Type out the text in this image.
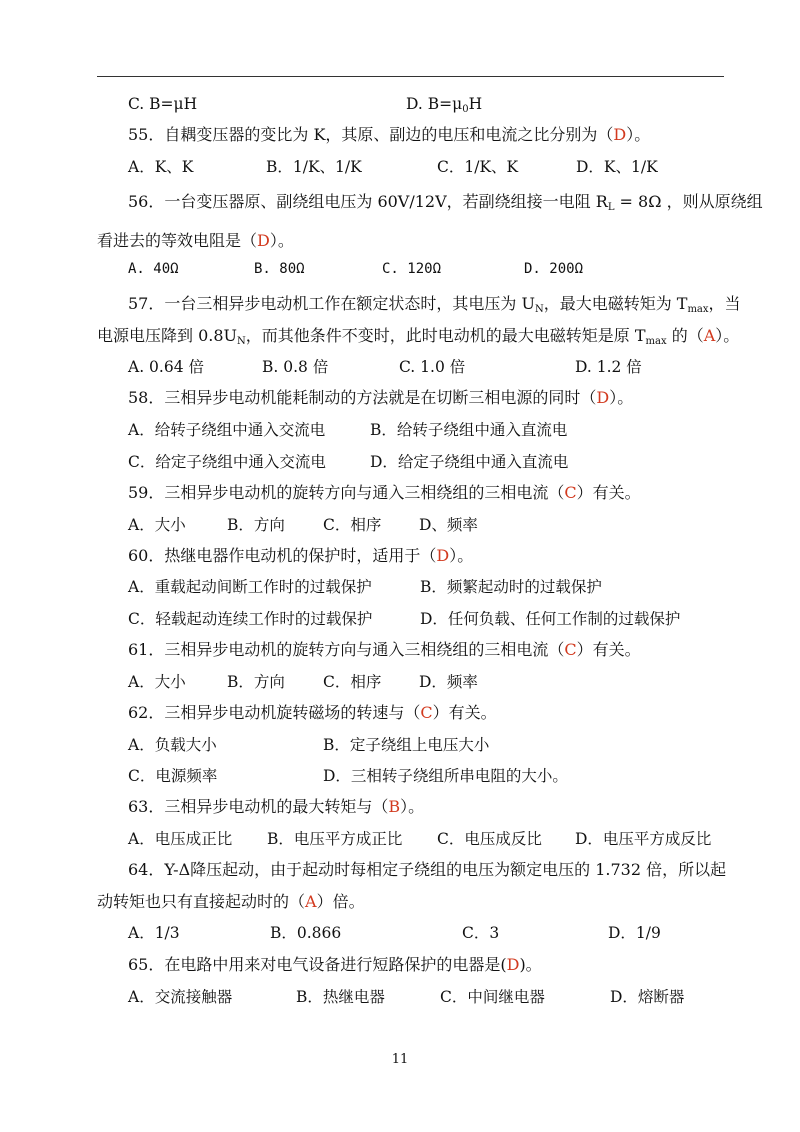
C. B=μH	D. $B=\mu_0H$
55．自耦变压器的变比为 K，其原、副边的电压和电流之比分别为（D）。
A．K、K	B．1/K、1/K	C．1/K、K	D．K、1/K
56．一台变压器原、副绕组电压为 60V/12V，若副绕组接一电阻 $R_L = 8\Omega$ ，则从原绕组
看进去的等效电阻是（D）。
A. 40Ω	B. 80Ω	C. 120Ω	D. 200Ω
57．一台三相异步电动机工作在额定状态时，其电压为 $U_N$，最大电磁转矩为 $T_{max}$，当
电源电压降到 $0.8U_N$，而其他条件不变时，此时电动机的最大电磁转矩是原 $T_{max}$ 的（A）。
A. 0.64 倍	B. 0.8 倍	C. 1.0 倍	D. 1.2 倍
58．三相异步电动机能耗制动的方法就是在切断三相电源的同时（D）。
A．给转子绕组中通入交流电	B．给转子绕组中通入直流电
C．给定子绕组中通入交流电	D．给定子绕组中通入直流电
59．三相异步电动机的旋转方向与通入三相绕组的三相电流（C）有关。
A．大小	B．方向 C．相序 D、频率
60．热继电器作电动机的保护时，适用于（D）。
A．重载起动间断工作时的过载保护	B．频繁起动时的过载保护
C．轻载起动连续工作时的过载保护	D．任何负载、任何工作制的过载保护
61．三相异步电动机的旋转方向与通入三相绕组的三相电流（C）有关。
A．大小	B．方向 C．相序 D．频率
62．三相异步电动机旋转磁场的转速与（C）有关。
A．负载大小	B．定子绕组上电压大小
C．电源频率	D．三相转子绕组所串电阻的大小。
63．三相异步电动机的最大转矩与（B）。
A．电压成正比 B．电压平方成正比 C．电压成反比 D．电压平方成反比
64．Y-Δ降压起动，由于起动时每相定子绕组的电压为额定电压的 1.732 倍，所以起
动转矩也只有直接起动时的（A）倍。
A．1/3	B．0.866	C．3	D．1/9
65．在电路中用来对电气设备进行短路保护的电器是(D)。
A．交流接触器	B．热继电器	C．中间继电器	D．熔断器
11
